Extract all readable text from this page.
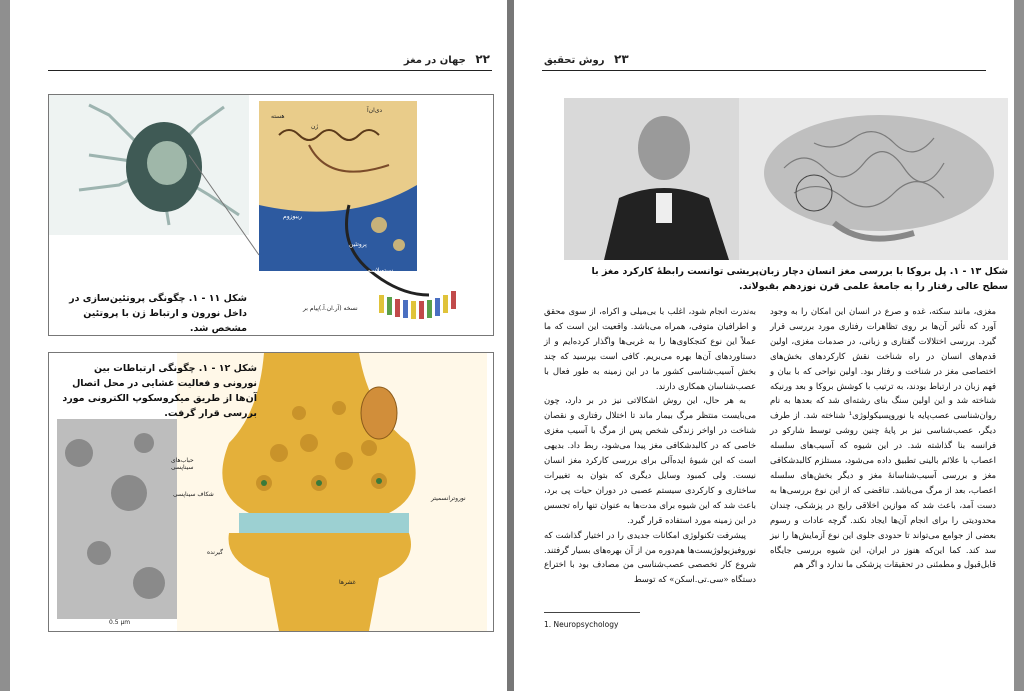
۲۲ جهان در مغز
دی‌ان‌آ
ژن
هسته
ریبوزوم
پروتئین
سیتوپلاسم
نسخه (آر.ان.آ.)‌پیام بر
شکل ۱۱ - ۱. چگونگی پروتئین‌سازی در داخل نورون و ارتباط ژن با پروتئین مشخص شد.
حباب‌های سیناپسی
شکاف سیناپسی
نوروترانسمیتر
گیرنده
غشرها
0.5 µm
شکل ۱۲ - ۱. چگونگی ارتباطات بین نورونی و فعالیت غشایی در محل اتصال آن‌ها از طریق میکروسکوپ الکترونی مورد بررسی قرار گرفت.
۲۳ روش تحقیق
شکل ۱۳ - ۱. پل بروکا با بررسی مغز انسان دچار زبان‌پریشی توانست رابطهٔ کارکرد مغز با سطح عالی رفتار را به جامعهٔ علمی قرن نوزدهم بقبولاند.

مغزی، مانند سکته، غده و صرع در انسان این امکان را به وجود آورد که تأثیر آن‌ها بر روی تظاهرات رفتاری مورد بررسی قرار گیرد. بررسی اختلالات گفتاری و زبانی، در صدمات مغزی، اولین قدم‌های انسان در راه شناخت نقش کارکردهای بخش‌های اختصاصی مغز در شناخت و رفتار بود. اولین نواحی که با بیان و فهم زبان در ارتباط بودند، به ترتیب با کوشش بروکا و بعد ورنیکه شناخته شد و این اولین سنگ بنای رشته‌ای شد که بعدها به نام روان‌شناسی عصب‌پایه یا نوروپسیکولوژی¹ شناخته شد. از طرف دیگر، عصب‌شناسی نیز بر پایهٔ چنین روشی توسط شارکو در فرانسه بنا گذاشته شد. در این شیوه که آسیب‌های سلسله اعصاب با علائم بالینی تطبیق داده می‌شود، مستلزم کالبدشکافی مغز و بررسی آسیب‌شناسانهٔ مغز و دیگر بخش‌های سلسله اعصاب، بعد از مرگ می‌باشد. تناقضی که از این نوع بررسی‌ها به دست آمد، باعث شد که موازین اخلاقی رایج در پزشکی، چندان محدودیتی را برای انجام آن‌ها ایجاد نکند. گرچه عادات و رسوم بعضی از جوامع می‌تواند تا حدودی جلوی این نوع آزمایش‌ها را نیز سد کند. کما این‌که هنوز در ایران، این شیوه بررسی جایگاه قابل‌قبول و مطمئنی در تحقیقات پزشکی ما ندارد و اگر هم

به‌ندرت انجام شود، اغلب با بی‌میلی و اکراه، از سوی محقق و اطرافیان متوفی، همراه می‌باشد. واقعیت این است که ما عملاً این نوع کنجکاوی‌ها را به غربی‌ها واگذار کرده‌ایم و از دستاوردهای آن‌ها بهره می‌بریم. کافی است بپرسید که چند بخش آسیب‌شناسی کشور ما در این زمینه به طور فعال با عصب‌شناسان همکاری دارند.

به هر حال، این روش اشکالاتی نیز در بر دارد، چون می‌بایست منتظر مرگ بیمار ماند تا اختلال رفتاری و نقصان شناخت در اواخر زندگی شخص پس از مرگ با آسیب مغزی خاصی که در کالبدشکافی مغز پیدا می‌شود، ربط داد. بدیهی است که این شیوهٔ ایده‌آلی برای بررسی کارکرد مغز انسان نیست. ولی کمبود وسایل دیگری که بتوان به تغییرات ساختاری و کارکردی سیستم عصبی در دوران حیات پی برد، باعث شد که این شیوه برای مدت‌ها به عنوان تنها راه تجسس در این زمینه مورد استفاده قرار گیرد.

پیشرفت تکنولوژی امکانات جدیدی را در اختیار گذاشت که نوروفیزیولوژیست‌ها هم‌دوره من از آن بهره‌های بسیار گرفتند. شروع کار تخصصی عصب‌شناسی من مصادف بود با اختراع دستگاه «سی.تی.اسکن» که توسط

1. Neuropsychology
